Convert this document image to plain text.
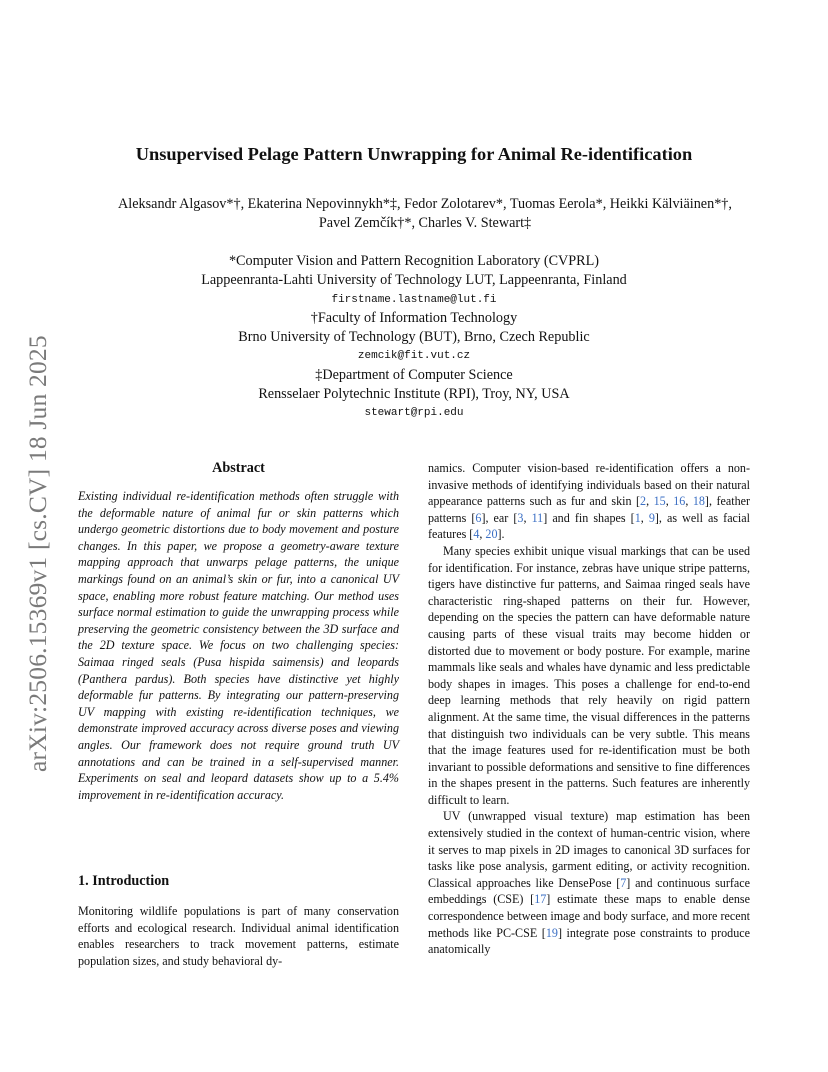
arXiv:2506.15369v1 [cs.CV] 18 Jun 2025
Unsupervised Pelage Pattern Unwrapping for Animal Re-identification
Aleksandr Algasov*†, Ekaterina Nepovinnykh*‡, Fedor Zolotarev*, Tuomas Eerola*, Heikki Kälviäinen*†,
Pavel Zemčík†*, Charles V. Stewart‡
*Computer Vision and Pattern Recognition Laboratory (CVPRL)
Lappeenranta-Lahti University of Technology LUT, Lappeenranta, Finland
firstname.lastname@lut.fi
†Faculty of Information Technology
Brno University of Technology (BUT), Brno, Czech Republic
zemcik@fit.vut.cz
‡Department of Computer Science
Rensselaer Polytechnic Institute (RPI), Troy, NY, USA
stewart@rpi.edu
Abstract
Existing individual re-identification methods often struggle with the deformable nature of animal fur or skin patterns which undergo geometric distortions due to body movement and posture changes. In this paper, we propose a geometry-aware texture mapping approach that unwarps pelage patterns, the unique markings found on an animal’s skin or fur, into a canonical UV space, enabling more robust feature matching. Our method uses surface normal estimation to guide the unwrapping process while preserving the geometric consistency between the 3D surface and the 2D texture space. We focus on two challenging species: Saimaa ringed seals (Pusa hispida saimensis) and leopards (Panthera pardus). Both species have distinctive yet highly deformable fur patterns. By integrating our pattern-preserving UV mapping with existing re-identification techniques, we demonstrate improved accuracy across diverse poses and viewing angles. Our framework does not require ground truth UV annotations and can be trained in a self-supervised manner. Experiments on seal and leopard datasets show up to a 5.4% improvement in re-identification accuracy.
1. Introduction
Monitoring wildlife populations is part of many conservation efforts and ecological research. Individual animal identification enables researchers to track movement patterns, estimate population sizes, and study behavioral dy-

namics. Computer vision-based re-identification offers a non-invasive methods of identifying individuals based on their natural appearance patterns such as fur and skin [2, 15, 16, 18], feather patterns [6], ear [3, 11] and fin shapes [1, 9], as well as facial features [4, 20].

Many species exhibit unique visual markings that can be used for identification. For instance, zebras have unique stripe patterns, tigers have distinctive fur patterns, and Saimaa ringed seals have characteristic ring-shaped patterns on their fur. However, depending on the species the pattern can have deformable nature causing parts of these visual traits may become hidden or distorted due to movement or body posture. For example, marine mammals like seals and whales have dynamic and less predictable body shapes in images. This poses a challenge for end-to-end deep learning methods that rely heavily on rigid pattern alignment. At the same time, the visual differences in the patterns that distinguish two individuals can be very subtle. This means that the image features used for re-identification must be both invariant to possible deformations and sensitive to fine differences in the shapes present in the patterns. Such features are inherently difficult to learn.

UV (unwrapped visual texture) map estimation has been extensively studied in the context of human-centric vision, where it serves to map pixels in 2D images to canonical 3D surfaces for tasks like pose analysis, garment editing, or activity recognition. Classical approaches like DensePose [7] and continuous surface embeddings (CSE) [17] estimate these maps to enable dense correspondence between image and body surface, and more recent methods like PC-CSE [19] integrate pose constraints to produce anatomically
